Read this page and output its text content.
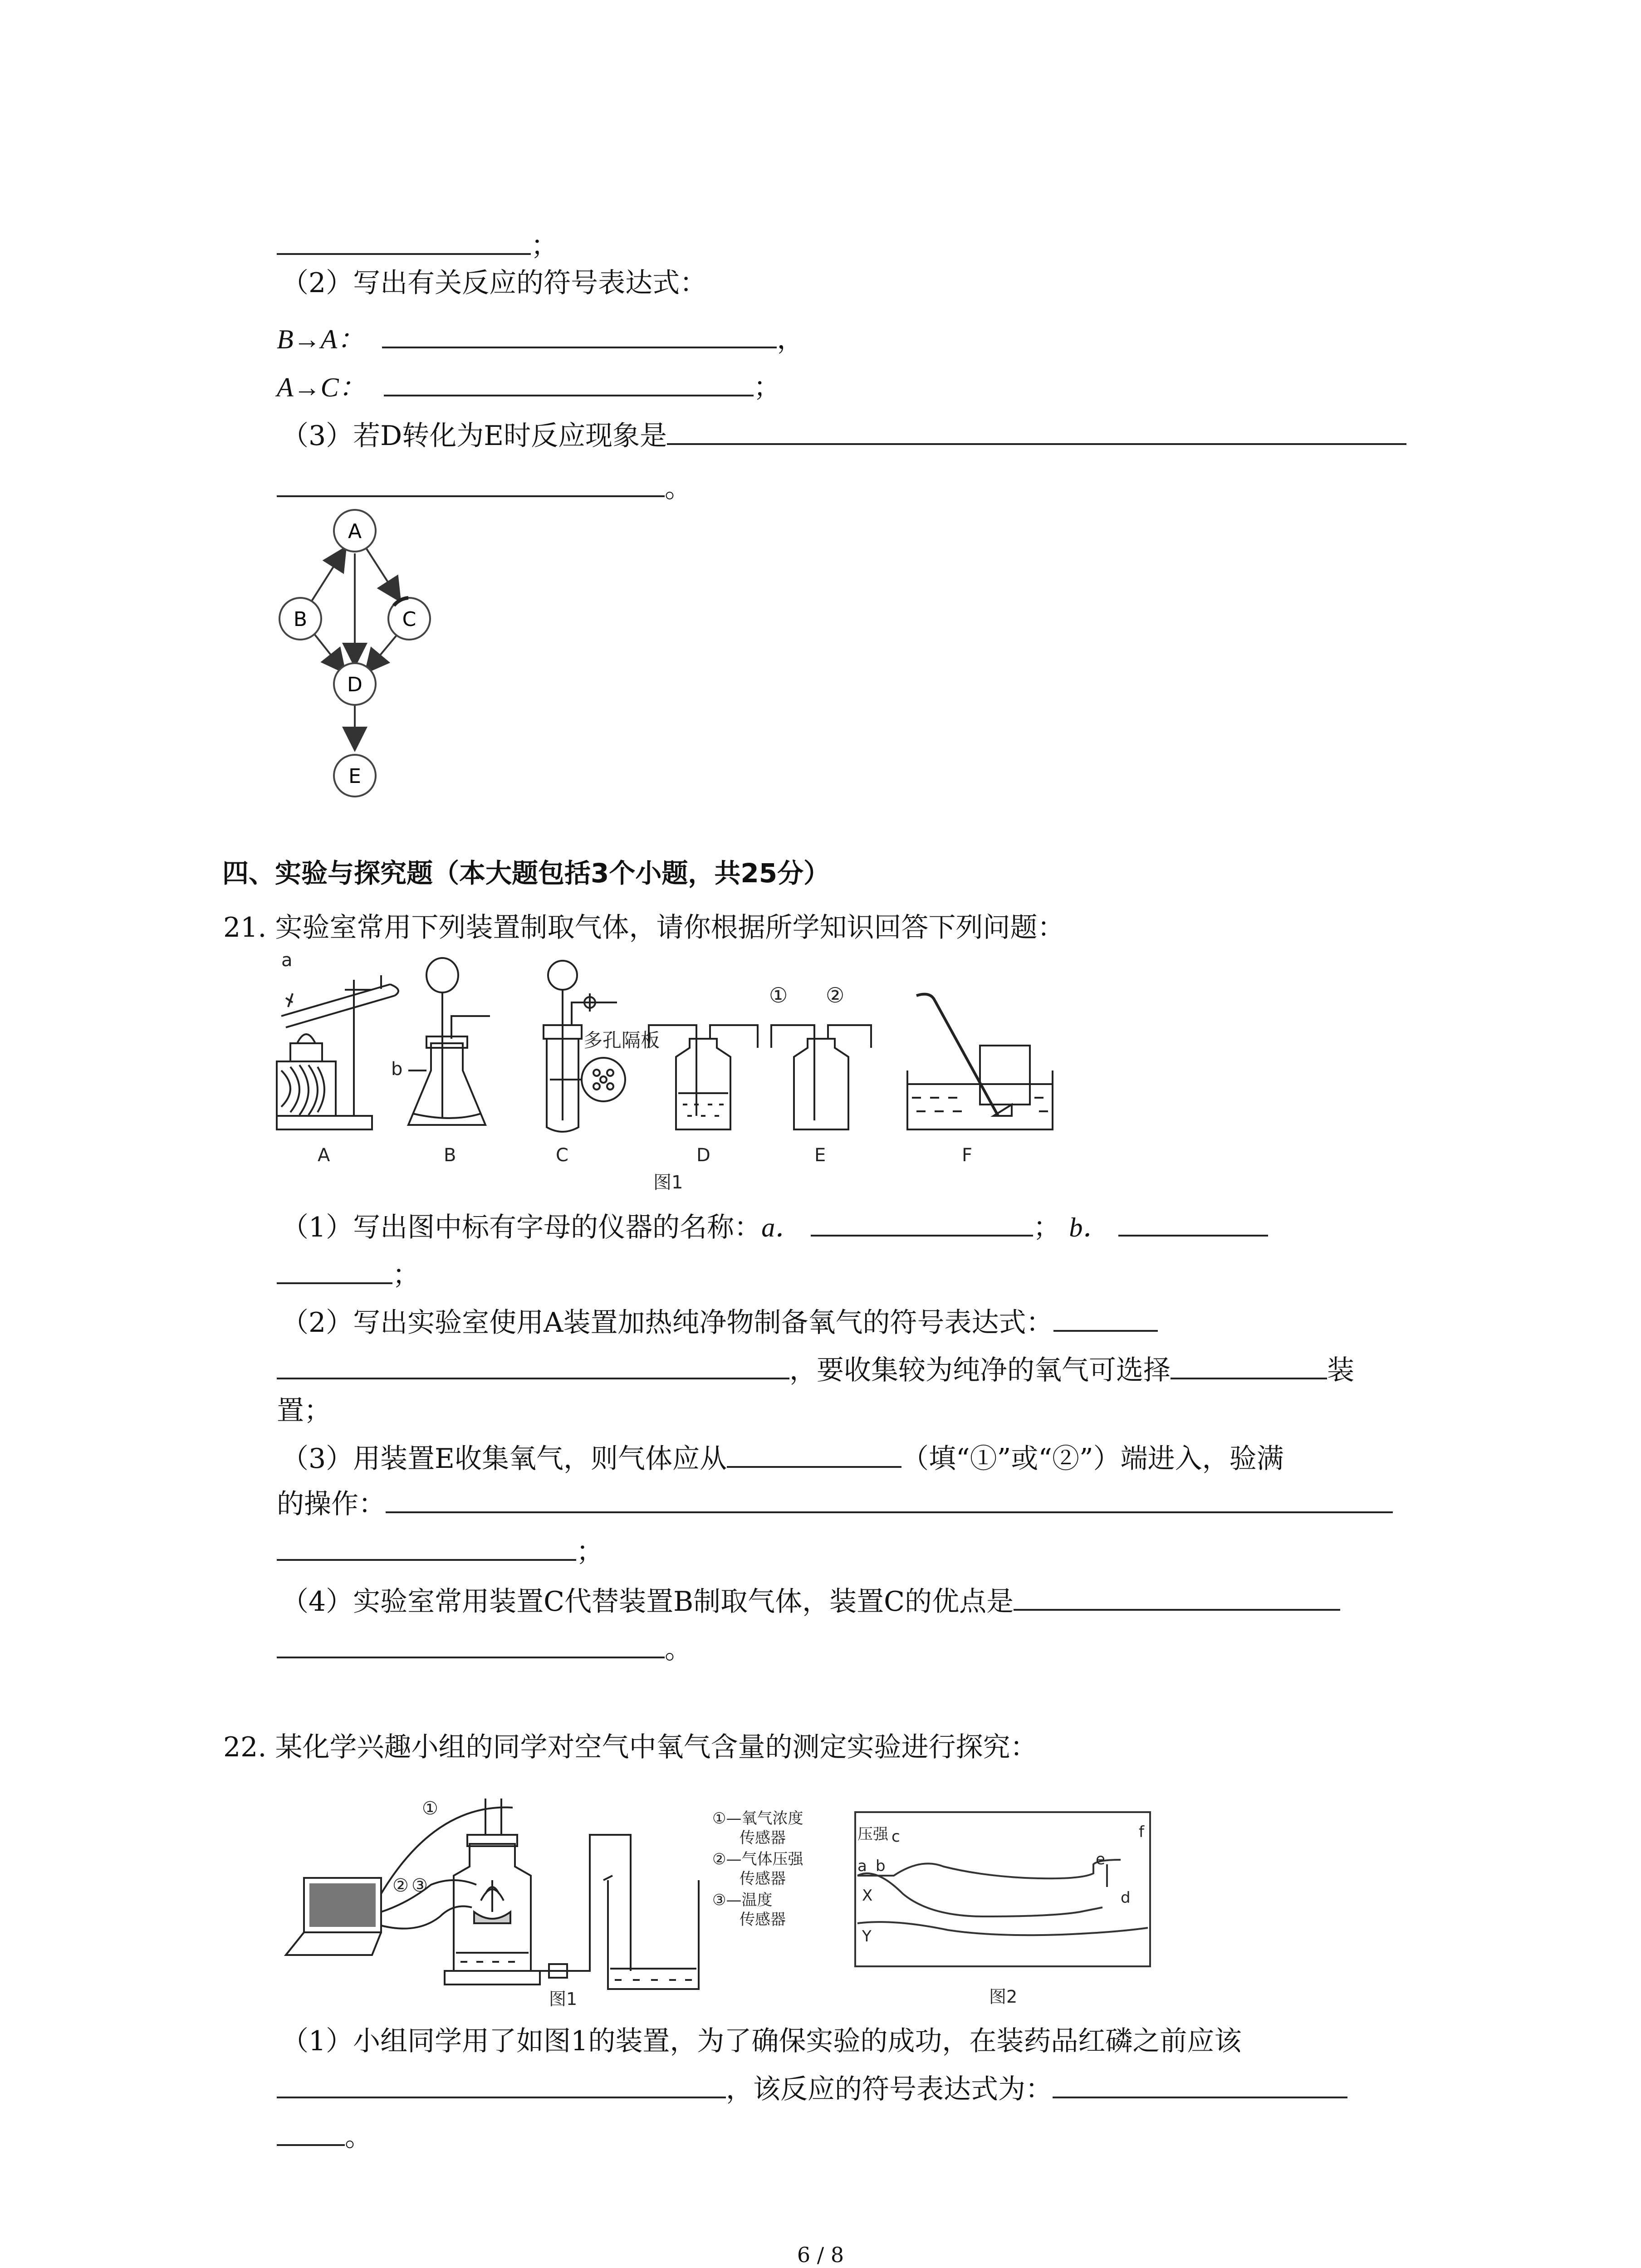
；
（2）写出有关反应的符号表达式：
B→A：	，
A→C：	；
（3）若D转化为E时反应现象是
。
A
B	C
D
E
四、实验与探究题（本大题包括3个小题，共25分）
21. 实验室常用下列装置制取气体，请你根据所学知识回答下列问题：
a
b
多孔隔板
① ②
A	B	C	D	E	F
图1
（1）写出图中标有字母的仪器的名称：a．	； b．
；
（2）写出实验室使用A装置加热纯净物制备氧气的符号表达式：
，要收集较为纯净的氧气可选择	装
置；
（3）用装置E收集氧气，则气体应从	（填“①”或“②”）端进入，验满
的操作：
；
（4）实验室常用装置C代替装置B制取气体，装置C的优点是
。
22. 某化学兴趣小组的同学对空气中氧气含量的测定实验进行探究：
①
② ③
①—氧气浓度
传感器
②—气体压强
传感器
③—温度
传感器
图1
压强
a b
c
d
e
f
X
Y
图2
（1）小组同学用了如图1的装置，为了确保实验的成功，在装药品红磷之前应该
，该反应的符号表达式为：
。
6 / 8
